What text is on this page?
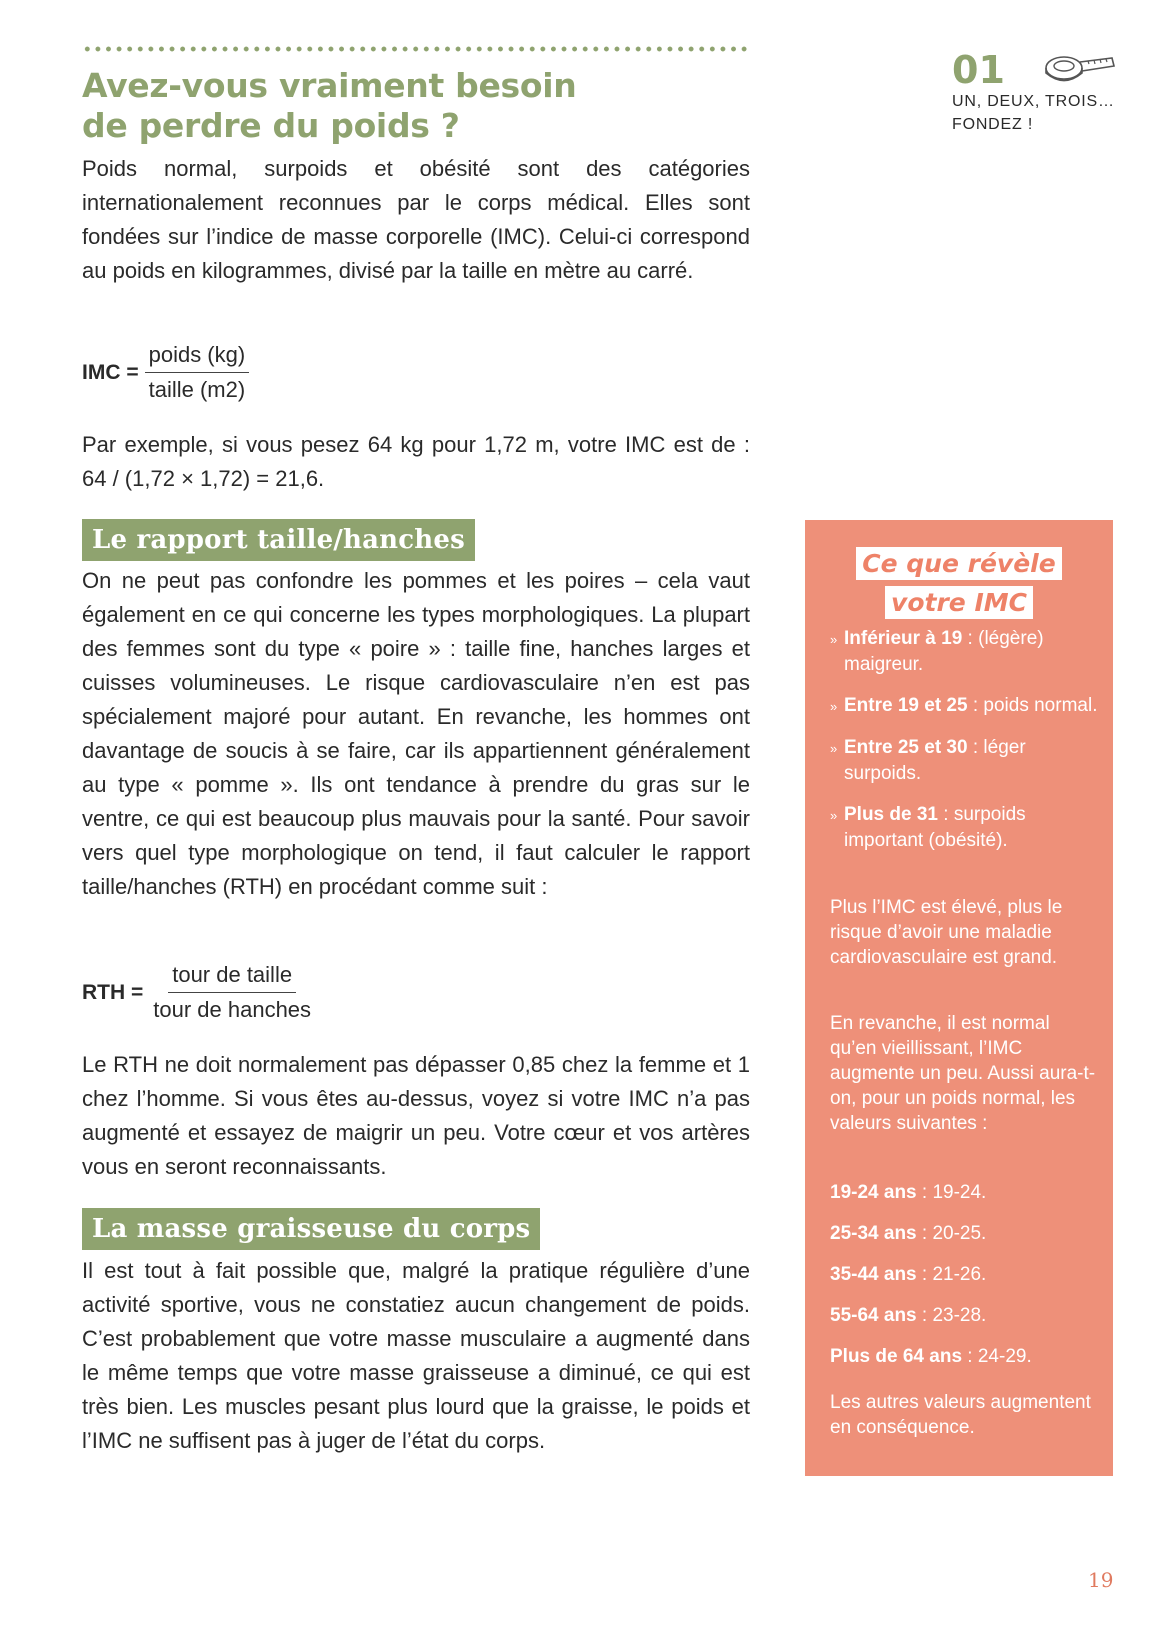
Avez-vous vraiment besoin
de perdre du poids ?
01
UN, DEUX, TROIS… FONDEZ !

Poids normal, surpoids et obésité sont des catégories internationalement reconnues par le corps médical. Elles sont fondées sur l’indice de masse corporelle (IMC). Celui-ci correspond au poids en kilogrammes, divisé par la taille en mètre au carré.

IMC = $\frac{\text{poids (kg)}}{\text{taille (m2)}}$

Par exemple, si vous pesez 64 kg pour 1,72 m, votre IMC est de : 64 / (1,72 × 1,72) = 21,6.

Le rapport taille/hanches

On ne peut pas confondre les pommes et les poires – cela vaut également en ce qui concerne les types morphologiques. La plupart des femmes sont du type « poire » : taille fine, hanches larges et cuisses volumineuses. Le risque cardiovasculaire n’en est pas spécialement majoré pour autant. En revanche, les hommes ont davantage de soucis à se faire, car ils appartiennent généralement au type « pomme ». Ils ont tendance à prendre du gras sur le ventre, ce qui est beaucoup plus mauvais pour la santé. Pour savoir vers quel type morphologique on tend, il faut calculer le rapport taille/hanches (RTH) en procédant comme suit :

RTH = $\frac{\text{tour de taille}}{\text{tour de hanches}}$

Le RTH ne doit normalement pas dépasser 0,85 chez la femme et 1 chez l’homme. Si vous êtes au-dessus, voyez si votre IMC n’a pas augmenté et essayez de maigrir un peu. Votre cœur et vos artères vous en seront reconnaissants.

La masse graisseuse du corps

Il est tout à fait possible que, malgré la pratique régulière d’une activité sportive, vous ne constatiez aucun changement de poids. C’est probablement que votre masse musculaire a augmenté dans le même temps que votre masse graisseuse a diminué, ce qui est très bien. Les muscles pesant plus lourd que la graisse, le poids et l’IMC ne suffisent pas à juger de l’état du corps.

Ce que révèle
votre IMC
» Inférieur à 19 : (légère) maigreur.
» Entre 19 et 25 : poids normal.
» Entre 25 et 30 : léger surpoids.
» Plus de 31 : surpoids important (obésité).

Plus l’IMC est élevé, plus le risque d’avoir une maladie cardiovasculaire est grand.

En revanche, il est normal qu’en vieillissant, l’IMC augmente un peu. Aussi aura-t-on, pour un poids normal, les valeurs suivantes :

19-24 ans : 19-24.
25-34 ans : 20-25.
35-44 ans : 21-26.
55-64 ans : 23-28.
Plus de 64 ans : 24-29.

Les autres valeurs augmentent en conséquence.

19
